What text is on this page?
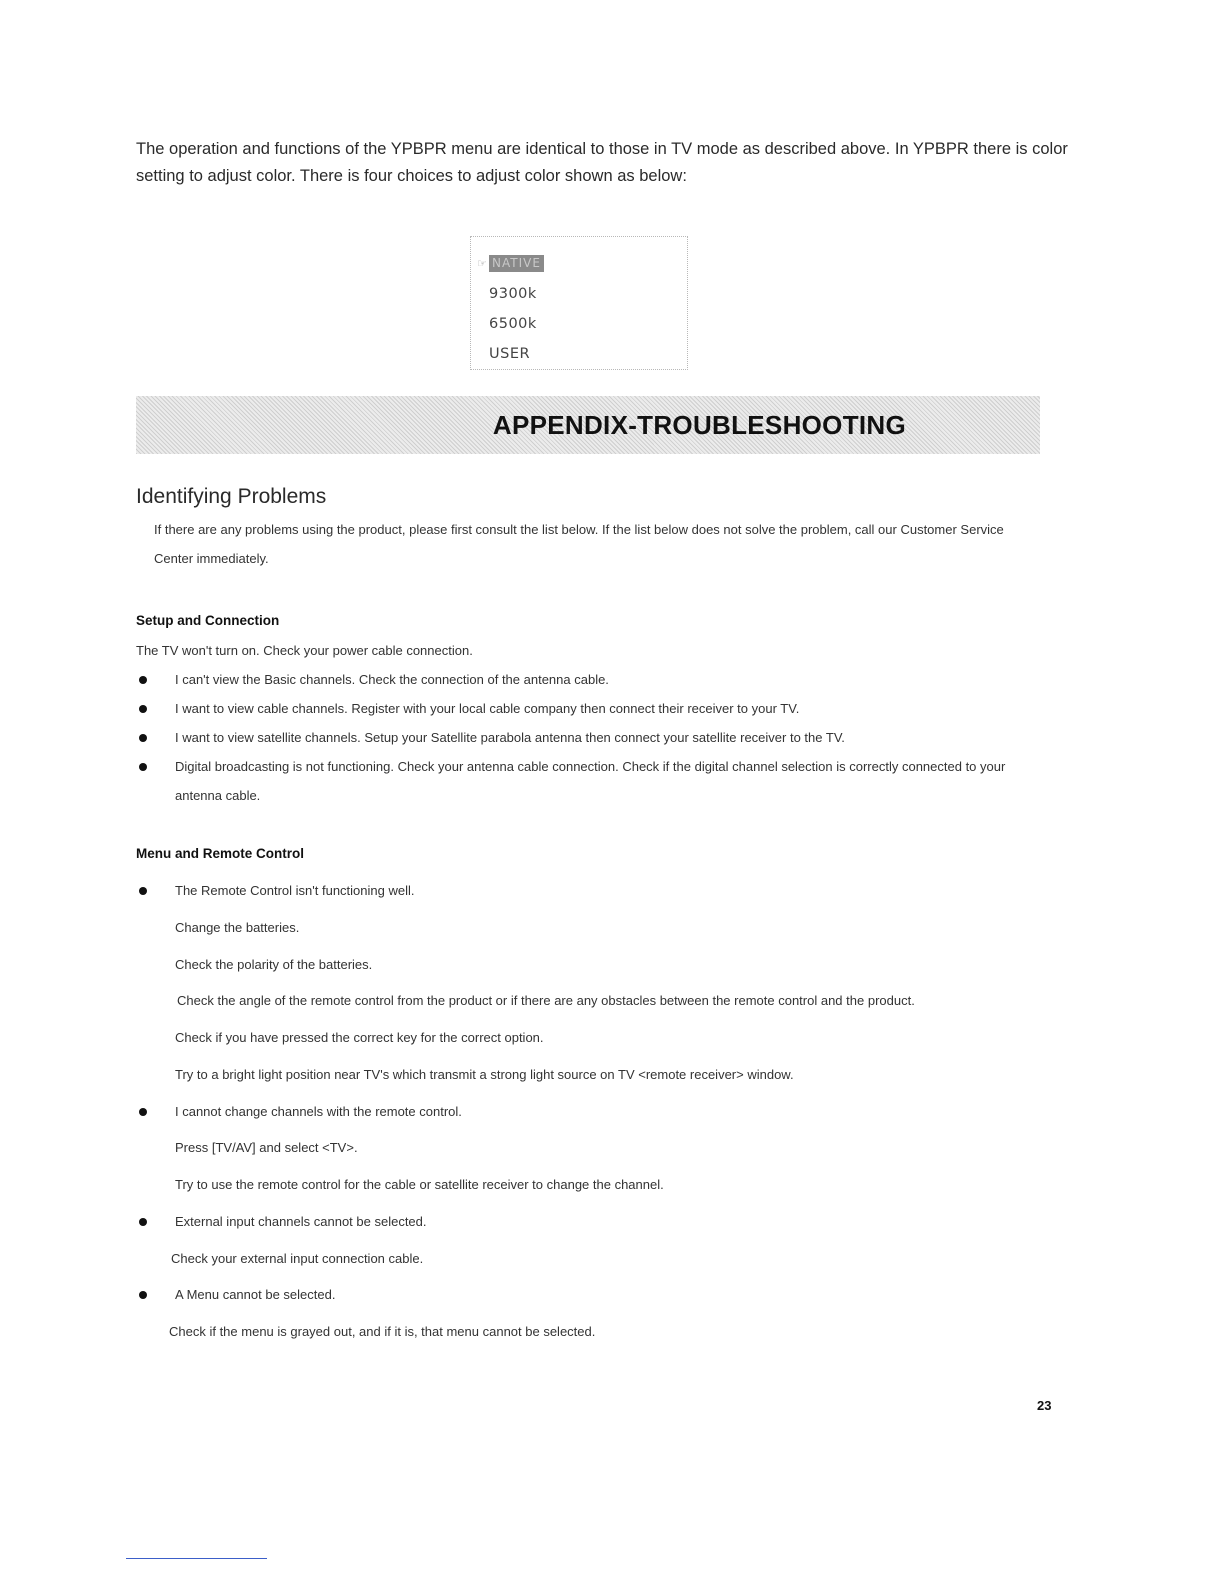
The operation and functions of the YPBPR menu are identical to those in TV mode as described above. In YPBPR there is color

setting to adjust color. There is four choices to adjust color shown as below:

☞ NATIVE
9300k
6500k
USER
APPENDIX-TROUBLESHOOTING
Identifying Problems

If there are any problems using the product, please first consult the list below. If the list below does not solve the problem, call our Customer Service

Center immediately.

Setup and Connection
The TV won't turn on. Check your power cable connection.
I can't view the Basic channels. Check the connection of the antenna cable.
I want to view cable channels. Register with your local cable company then connect their receiver to your TV.
I want to view satellite channels. Setup your Satellite parabola antenna then connect your satellite receiver to the TV.
Digital broadcasting is not functioning. Check your antenna cable connection. Check if the digital channel selection is correctly connected to your
antenna cable.
Menu and Remote Control
The Remote Control isn't functioning well.
Change the batteries.
Check the polarity of the batteries.
Check the angle of the remote control from the product or if there are any obstacles between the remote control and the product.
Check if you have pressed the correct key for the correct option.
Try to a bright light position near TV's which transmit a strong light source on TV <remote receiver> window.
I cannot change channels with the remote control.
Press [TV/AV] and select <TV>.
Try to use the remote control for the cable or satellite receiver to change the channel.
External input channels cannot be selected.
Check your external input connection cable.
A Menu cannot be selected.
Check if the menu is grayed out, and if it is, that menu cannot be selected.
23
